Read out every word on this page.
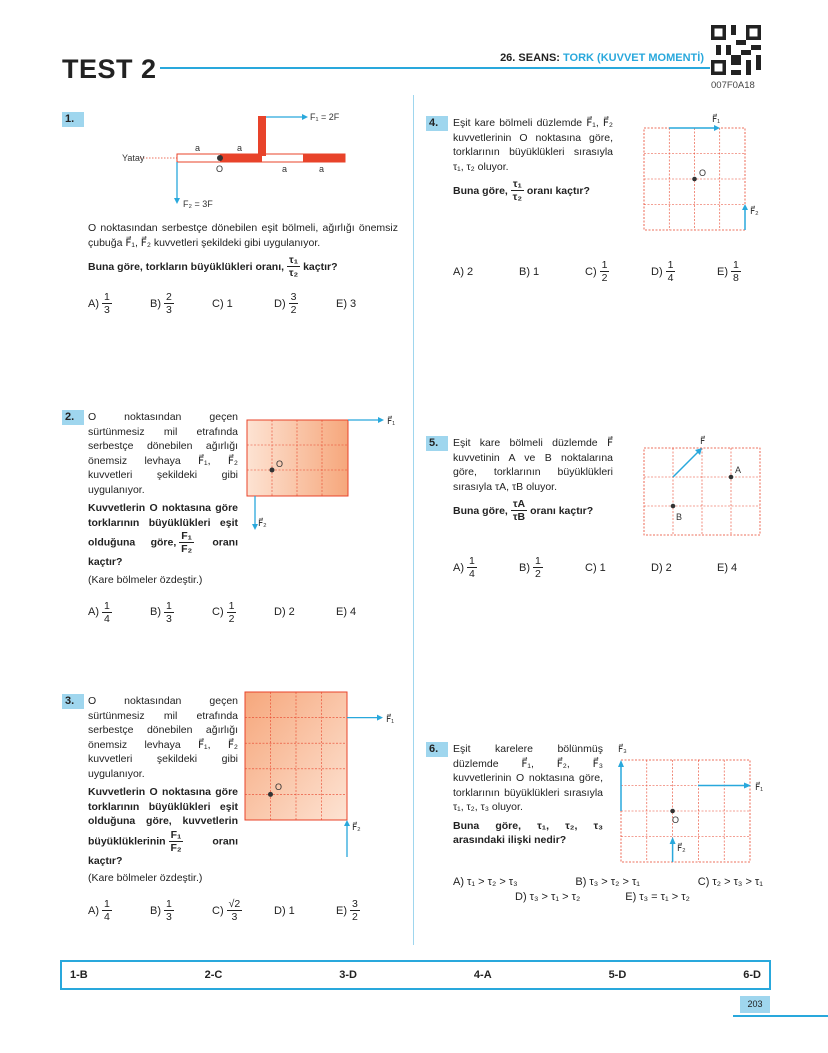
TEST 2	26. SEANS: TORK (KUVVET MOMENTİ)
007F0A18
1.
Yatay
O
a	a
a	a
F₁ = 2F
F₂ = 3F
O noktasından serbestçe dönebilen eşit bölmeli, ağırlığı önemsiz çubuğa F⃗₁, F⃗₂ kuvvetleri şekildeki gibi uygulanıyor.
Buna göre, torkların büyüklükleri oranı, $\frac{\text{τ₁}}{\text{τ₂}}$ kaçtır?
$A) \frac{1}{3}$	$B) \frac{2}{3}$	C) 1	$D) \frac{3}{2}$	E) 3
2.	O noktasından geçen sürtünmesiz mil etrafında serbestçe dönebilen ağırlığı önemsiz levhaya F⃗₁, F⃗₂ kuvvetleri şekildeki gibi uygulanıyor.
Kuvvetlerin O noktasına göre torklarının büyüklükleri eşit olduğuna göre, $\frac{\text{F₁}}{\text{F₂}}$ oranı kaçtır?
(Kare bölmeler özdeştir.)
$A) \frac{1}{4}$	$B) \frac{1}{3}$	$C) \frac{1}{2}$	D) 2	E) 4
O
F⃗₁
F⃗₂
3.	O noktasından geçen sürtünmesiz mil etrafında serbestçe dönebilen ağırlığı önemsiz levhaya F⃗₁, F⃗₂ kuvvetleri şekildeki gibi uygulanıyor.
Kuvvetlerin O noktasına göre torklarının büyüklükleri eşit olduğuna göre, kuvvetlerin büyüklüklerinin $\frac{\text{F₁}}{\text{F₂}}$	oranı kaçtır?
(Kare bölmeler özdeştir.)
$A) \frac{1}{4}$	$B) \frac{1}{3}$	$C) \frac{√2}{3}$	D) 1	$E) \frac{3}{2}$
O
F⃗₁
F⃗₂
4.	Eşit kare bölmeli düzlemde F⃗₁, F⃗₂ kuvvetlerinin O noktasına göre, torklarının büyüklükleri sırasıyla τ₁, τ₂ oluyor.
Buna göre, $\frac{\text{τ₁}}{\text{τ₂}}$ oranı kaçtır?
A) 2	B) 1	$C) \frac{1}{2}$	$D) \frac{1}{4}$	$E) \frac{1}{8}$
F⃗₁
O
F⃗₂
5.	Eşit kare bölmeli düzlemde F⃗ kuvvetinin A ve B noktalarına göre, torklarının büyüklükleri sırasıyla τA, τB oluyor.
Buna göre, $\frac{\tau A}{\tau B}$ oranı kaçtır?
$A) \frac{1}{4}$	$B) \frac{1}{2}$	C) 1	D) 2	E) 4
F⃗
A
B
6.	Eşit karelere bölünmüş düzlemde F⃗₁, F⃗₂, F⃗₃ kuvvetlerinin O noktasına göre, torklarının büyüklükleri sırasıyla τ₁, τ₂, τ₃ oluyor.
Buna göre, τ₁, τ₂, τ₃ arasındaki ilişki nedir?
A) τ₁ > τ₂ > τ₃	B) τ₃ > τ₂ > τ₁	C) τ₂ > τ₃ > τ₁
D) τ₃ > τ₁ > τ₂	E) τ₃ = τ₁ > τ₂
F⃗₃
F⃗₁
O
F⃗₂
1-B	2-C	3-D	4-A	5-D	6-D
203
